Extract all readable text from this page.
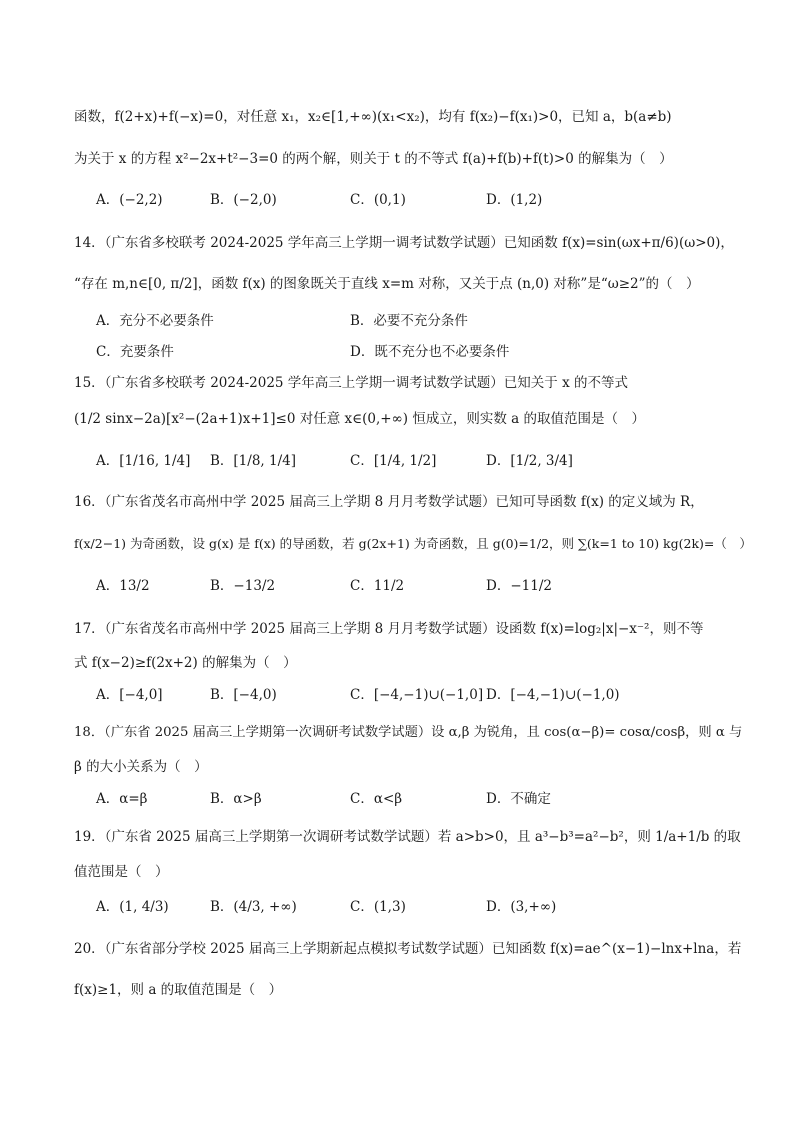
函数，f(2+x)+f(−x)=0，对任意 x₁，x₂∈[1,+∞)(x₁<x₂)，均有 f(x₂)−f(x₁)>0，已知 a，b(a≠b)
为关于 x 的方程 x²−2x+t²−3=0 的两个解，则关于 t 的不等式 f(a)+f(b)+f(t)>0 的解集为（　）
A．(−2,2)	B．(−2,0)	C．(0,1)	D．(1,2)
14．（广东省多校联考 2024-2025 学年高三上学期一调考试数学试题）已知函数 f(x)=sin(ωx+π/6)(ω>0)，
“存在 m,n∈[0, π/2]，函数 f(x) 的图象既关于直线 x=m 对称，又关于点 (n,0) 对称”是“ω≥2”的（　）
A．充分不必要条件	B．必要不充分条件
C．充要条件	D．既不充分也不必要条件
15．（广东省多校联考 2024-2025 学年高三上学期一调考试数学试题）已知关于 x 的不等式
(1/2 sinx−2a)[x²−(2a+1)x+1]≤0 对任意 x∈(0,+∞) 恒成立，则实数 a 的取值范围是（　）
A．[1/16, 1/4] B．[1/8, 1/4]	C．[1/4, 1/2]	D．[1/2, 3/4]
16．（广东省茂名市高州中学 2025 届高三上学期 8 月月考数学试题）已知可导函数 f(x) 的定义域为 R，
f(x/2−1) 为奇函数，设 g(x) 是 f(x) 的导函数，若 g(2x+1) 为奇函数，且 g(0)=1/2，则 ∑(k=1 to 10) kg(2k)=（　）
A．13/2	B．−13/2	C．11/2	D．−11/2
17．（广东省茂名市高州中学 2025 届高三上学期 8 月月考数学试题）设函数 f(x)=log₂|x|−x⁻²，则不等
式 f(x−2)≥f(2x+2) 的解集为（　）
A．[−4,0]	B．[−4,0)	C．[−4,−1)∪(−1,0] D．[−4,−1)∪(−1,0)
18．（广东省 2025 届高三上学期第一次调研考试数学试题）设 α,β 为锐角，且 cos(α−β)= cosα/cosβ，则 α 与
β 的大小关系为（　）
A．α=β	B．α>β	C．α<β	D．不确定
19．（广东省 2025 届高三上学期第一次调研考试数学试题）若 a>b>0，且 a³−b³=a²−b²，则 1/a+1/b 的取
值范围是（　）
A．(1, 4/3)	B．(4/3, +∞)	C．(1,3)	D．(3,+∞)
20．（广东省部分学校 2025 届高三上学期新起点模拟考试数学试题）已知函数 f(x)=ae^(x−1)−lnx+lna，若
f(x)≥1，则 a 的取值范围是（　）
